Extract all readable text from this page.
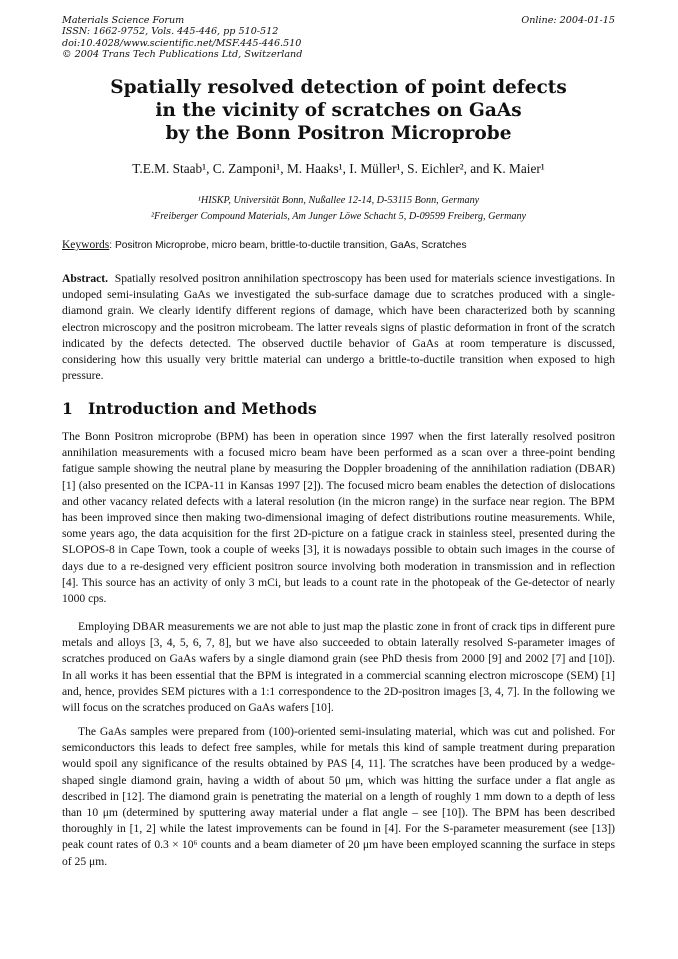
Materials Science Forum
ISSN: 1662-9752, Vols. 445-446, pp 510-512
doi:10.4028/www.scientific.net/MSF.445-446.510
© 2004 Trans Tech Publications Ltd, Switzerland
Online: 2004-01-15
Spatially resolved detection of point defects
in the vicinity of scratches on GaAs
by the Bonn Positron Microprobe
T.E.M. Staab¹, C. Zamponi¹, M. Haaks¹, I. Müller¹, S. Eichler², and K. Maier¹
¹HISKP, Universität Bonn, Nußallee 12-14, D-53115 Bonn, Germany
²Freiberger Compound Materials, Am Junger Löwe Schacht 5, D-09599 Freiberg, Germany
Keywords: Positron Microprobe, micro beam, brittle-to-ductile transition, GaAs, Scratches
Abstract. Spatially resolved positron annihilation spectroscopy has been used for materials science investigations. In undoped semi-insulating GaAs we investigated the sub-surface damage due to scratches produced with a single-diamond grain. We clearly identify different regions of damage, which have been characterized both by scanning electron microscopy and the positron microbeam. The latter reveals signs of plastic deformation in front of the scratch indicated by the defects detected. The observed ductile behavior of GaAs at room temperature is discussed, considering how this usually very brittle material can undergo a brittle-to-ductile transition when exposed to high pressure.
1 Introduction and Methods
The Bonn Positron microprobe (BPM) has been in operation since 1997 when the first laterally resolved positron annihilation measurements with a focused micro beam have been performed as a scan over a three-point bending fatigue sample showing the neutral plane by measuring the Doppler broadening of the annihilation radiation (DBAR) [1] (also presented on the ICPA-11 in Kansas 1997 [2]). The focused micro beam enables the detection of dislocations and other vacancy related defects with a lateral resolution (in the micron range) in the surface near region. The BPM has been improved since then making two-dimensional imaging of defect distributions routine measurements. While, some years ago, the data acquisition for the first 2D-picture on a fatigue crack in stainless steel, presented during the SLOPOS-8 in Cape Town, took a couple of weeks [3], it is nowadays possible to obtain such images in the course of days due to a re-designed very efficient positron source involving both moderation in transmission and in reflection [4]. This source has an activity of only 3 mCi, but leads to a count rate in the photopeak of the Ge-detector of nearly 1000 cps.
Employing DBAR measurements we are not able to just map the plastic zone in front of crack tips in different pure metals and alloys [3, 4, 5, 6, 7, 8], but we have also succeeded to obtain laterally resolved S-parameter images of scratches produced on GaAs wafers by a single diamond grain (see PhD thesis from 2000 [9] and 2002 [7] and [10]). In all works it has been essential that the BPM is integrated in a commercial scanning electron microscope (SEM) [1] and, hence, provides SEM pictures with a 1:1 correspondence to the 2D-positron images [3, 4, 7]. In the following we will focus on the scratches produced on GaAs wafers [10].
The GaAs samples were prepared from (100)-oriented semi-insulating material, which was cut and polished. For semiconductors this leads to defect free samples, while for metals this kind of sample treatment during preparation would spoil any significance of the results obtained by PAS [4, 11]. The scratches have been produced by a wedge-shaped single diamond grain, having a width of about 50 μm, which was hitting the surface under a flat angle as described in [12]. The diamond grain is penetrating the material on a length of roughly 1 mm down to a depth of less than 10 μm (determined by sputtering away material under a flat angle – see [10]). The BPM has been described thoroughly in [1, 2] while the latest improvements can be found in [4]. For the S-parameter measurement (see [13]) peak count rates of 0.3 × 10⁶ counts and a beam diameter of 20 μm have been employed scanning the surface in steps of 25 μm.
